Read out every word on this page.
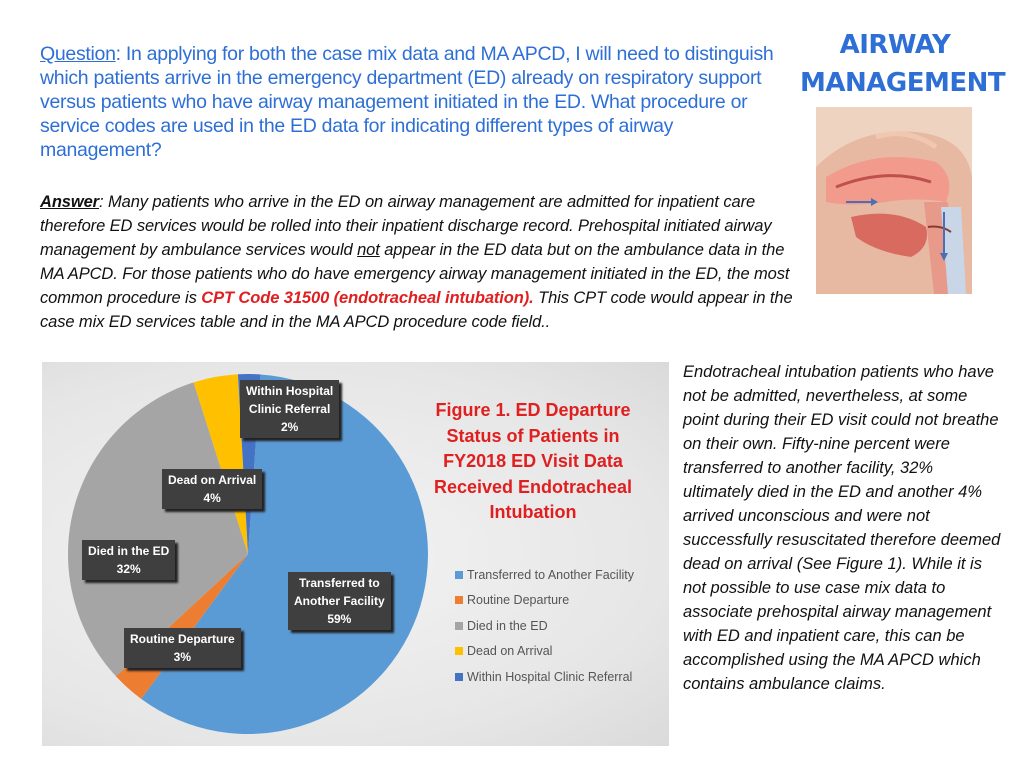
Question: In applying for both the case mix data and MA APCD, I will need to distinguish which patients arrive in the emergency department (ED) already on respiratory support versus patients who have airway management initiated in the ED. What procedure or service codes are used in the ED data for indicating different types of airway management?
AIRWAY
MANAGEMENT
Answer: Many patients who arrive in the ED on airway management are admitted for inpatient care therefore ED services would be rolled into their inpatient discharge record. Prehospital initiated airway management by ambulance services would not appear in the ED data but on the ambulance data in the MA APCD. For those patients who do have emergency airway management initiated in the ED, the most common procedure is CPT Code 31500 (endotracheal intubation). This CPT code would appear in the case mix ED services table and in the MA APCD procedure code field..
Figure 1. ED Departure Status of Patients in FY2018 ED Visit Data Received Endotracheal Intubation
Within Hospital
Clinic Referral
2%
Dead on Arrival
4%
Died in the ED
32%
Transferred to
Another Facility
59%
Routine Departure
3%
Transferred to Another Facility
Routine Departure
Died in the ED
Dead on Arrival
Within Hospital Clinic Referral
Endotracheal intubation patients who have not be admitted, nevertheless, at some point during their ED visit could not breathe on their own. Fifty-nine percent were transferred to another facility, 32% ultimately died in the ED and another 4% arrived unconscious and were not successfully resuscitated therefore deemed dead on arrival (See Figure 1). While it is not possible to use case mix data to associate prehospital airway management with ED and inpatient care, this can be accomplished using the MA APCD which contains ambulance claims.
